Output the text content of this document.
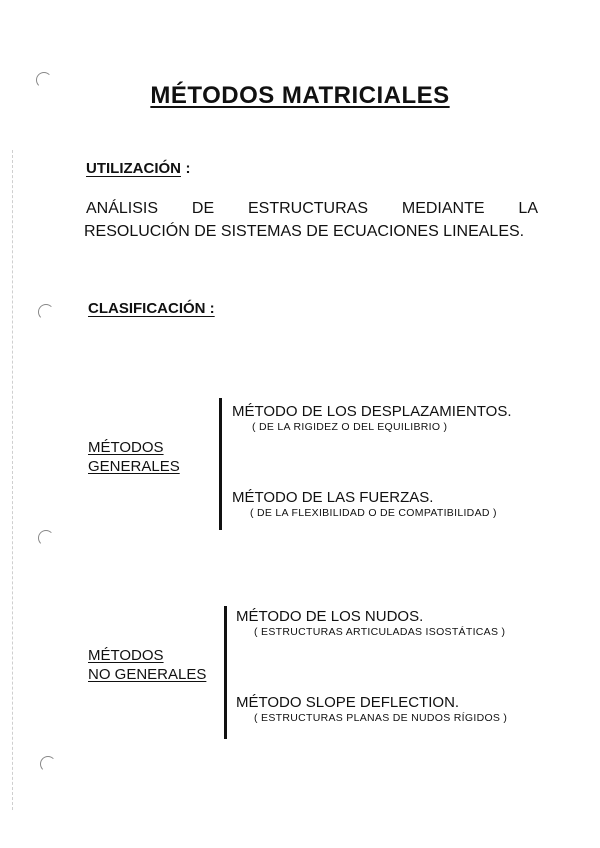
MÉTODOS MATRICIALES
UTILIZACIÓN :
ANÁLISIS DE ESTRUCTURAS MEDIANTE LA
RESOLUCIÓN DE SISTEMAS DE ECUACIONES LINEALES.
CLASIFICACIÓN :
MÉTODOS
GENERALES
MÉTODO DE LOS DESPLAZAMIENTOS.
( DE LA RIGIDEZ O DEL EQUILIBRIO )
MÉTODO DE LAS FUERZAS.
( DE LA FLEXIBILIDAD O DE COMPATIBILIDAD )
MÉTODOS
NO GENERALES
MÉTODO DE LOS NUDOS.
( ESTRUCTURAS ARTICULADAS ISOSTÁTICAS )
MÉTODO SLOPE DEFLECTION.
( ESTRUCTURAS PLANAS DE NUDOS RÍGIDOS )
